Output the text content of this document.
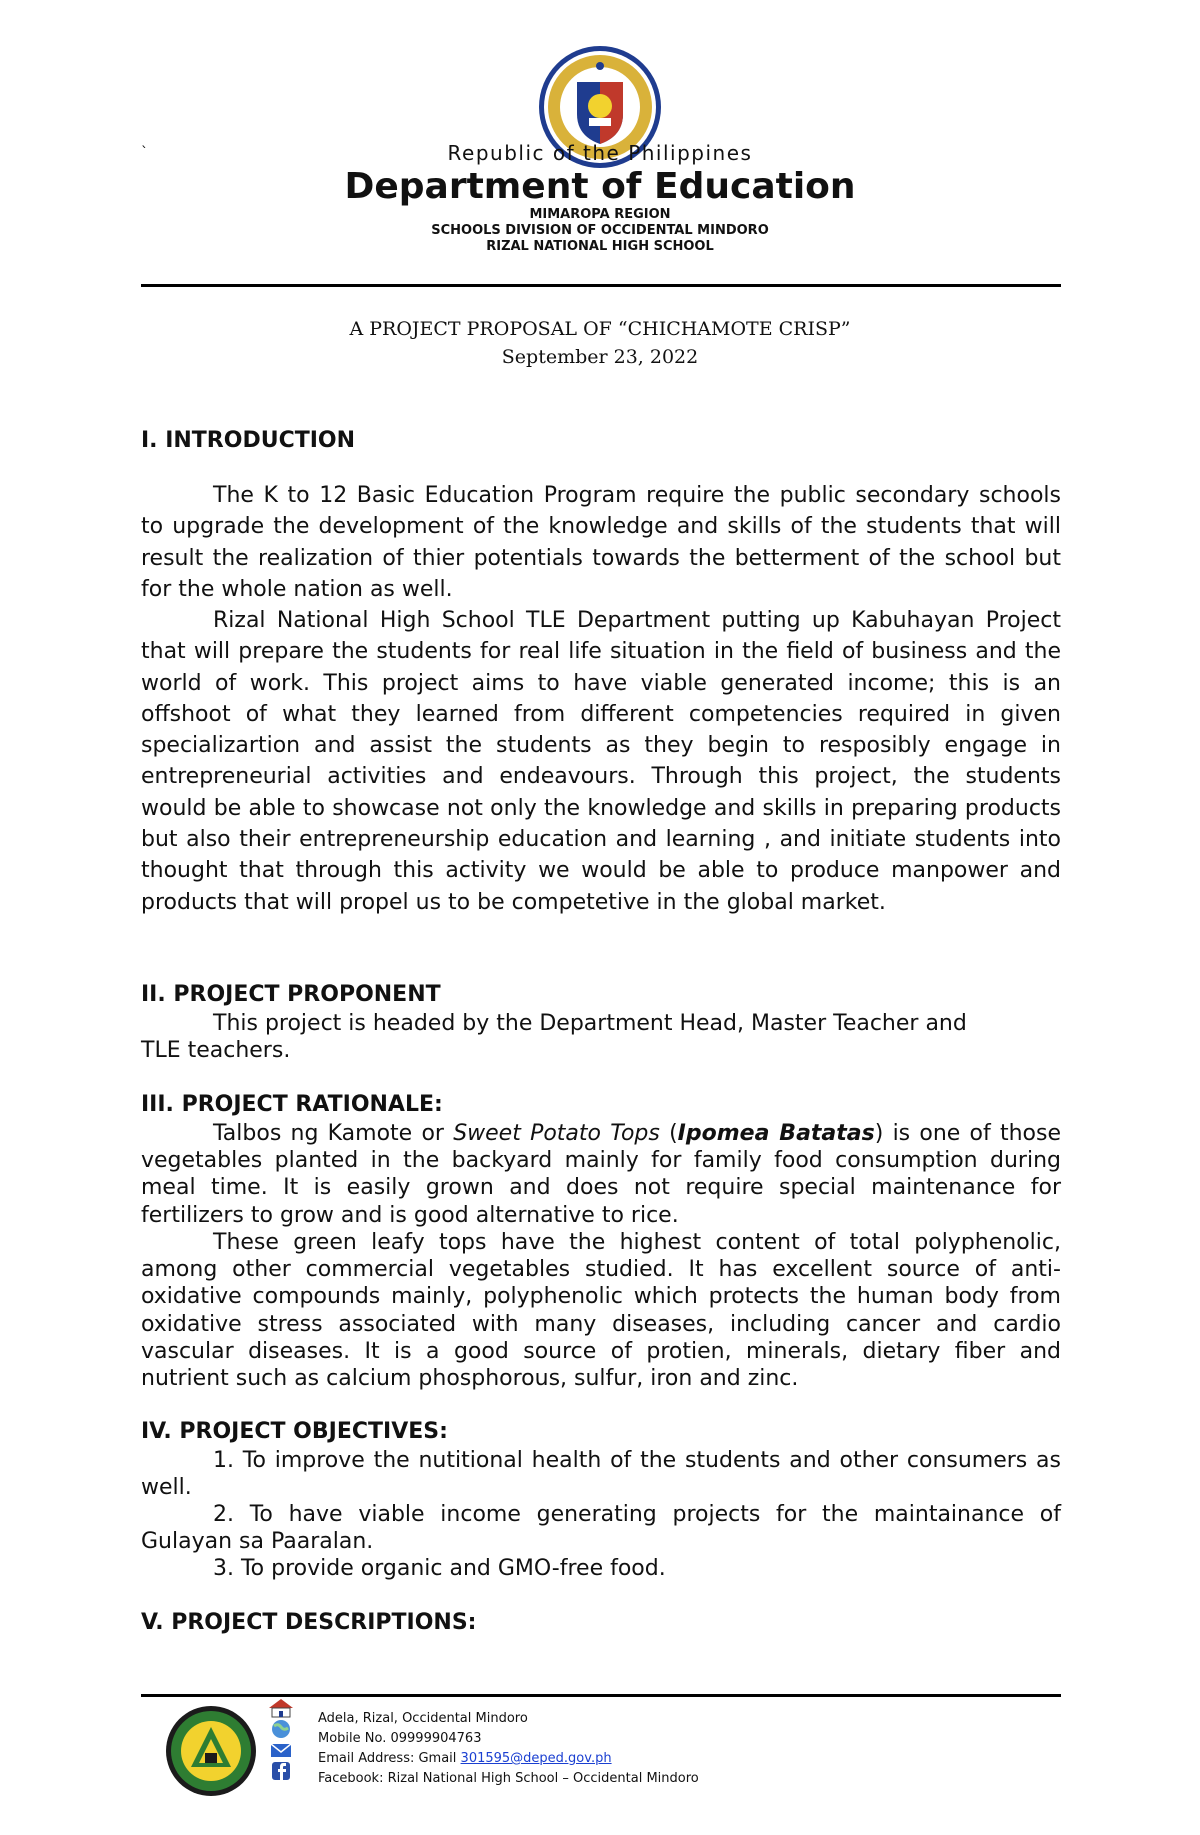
`	Republic of the Philippines
Department of Education
MIMAROPA REGION
SCHOOLS DIVISION OF OCCIDENTAL MINDORO
RIZAL NATIONAL HIGH SCHOOL
A PROJECT PROPOSAL OF “CHICHAMOTE CRISP”
September 23, 2022
I. INTRODUCTION

The K to 12 Basic Education Program require the public secondary schools to upgrade the development of the knowledge and skills of the students that will result the realization of thier potentials towards the betterment of the school but for the whole nation as well.

Rizal National High School TLE Department putting up Kabuhayan Project that will prepare the students for real life situation in the field of business and the world of work. This project aims to have viable generated income; this is an offshoot of what they learned from different competencies required in given specializartion and assist the students as they begin to resposibly engage in entrepreneurial activities and endeavours. Through this project, the students would be able to showcase not only the knowledge and skills in preparing products but also their entrepreneurship education and learning , and initiate students into thought that through this activity we would be able to produce manpower and products that will propel us to be competetive in the global market.

II. PROJECT PROPONENT

This project is headed by the Department Head, Master Teacher and TLE teachers.

III. PROJECT RATIONALE:

Talbos ng Kamote or Sweet Potato Tops (Ipomea Batatas) is one of those vegetables planted in the backyard mainly for family food consumption during meal time. It is easily grown and does not require special maintenance for fertilizers to grow and is good alternative to rice.

These green leafy tops have the highest content of total polyphenolic, among other commercial vegetables studied. It has excellent source of anti-oxidative compounds mainly, polyphenolic which protects the human body from oxidative stress associated with many diseases, including cancer and cardio vascular diseases. It is a good source of protien, minerals, dietary fiber and nutrient such as calcium phosphorous, sulfur, iron and zinc.

IV. PROJECT OBJECTIVES:

1. To improve the nutitional health of the students and other consumers as well.

2. To have viable income generating projects for the maintainance of Gulayan sa Paaralan.

3. To provide organic and GMO-free food.

V. PROJECT DESCRIPTIONS:
Adela, Rizal, Occidental Mindoro
Mobile No. 09999904763
Email Address: Gmail 301595@deped.gov.ph
Facebook: Rizal National High School – Occidental Mindoro
